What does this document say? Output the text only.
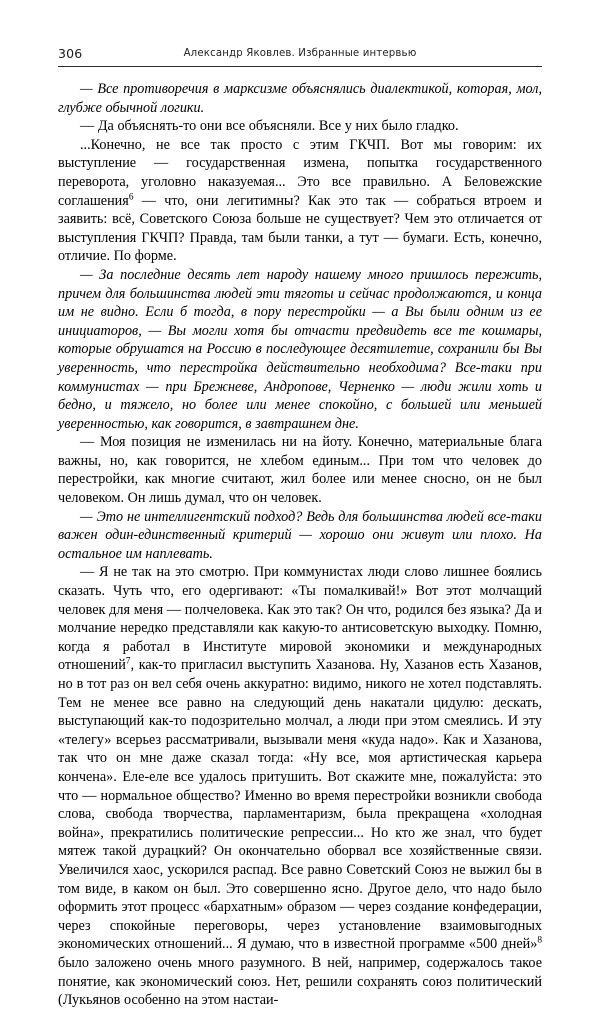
306	Александр Яковлев. Избранные интервью

— Все противоречия в марксизме объяснялись диалектикой, которая, мол, глубже обычной логики.

— Да объяснять-то они все объясняли. Все у них было гладко.

...Конечно, не все так просто с этим ГКЧП. Вот мы говорим: их выступление — государственная измена, попытка государственного переворота, уголовно наказуемая... Это все правильно. А Беловежские соглашения$^6$ — что, они легитимны? Как это так — собраться втроем и заявить: всё, Советского Союза больше не существует? Чем это отличается от выступления ГКЧП? Правда, там были танки, а тут — бумаги. Есть, конечно, отличие. По форме.

— За последние десять лет народу нашему много пришлось пережить, причем для большинства людей эти тяготы и сейчас продолжаются, и конца им не видно. Если б тогда, в пору перестройки — а Вы были одним из ее инициаторов, — Вы могли хотя бы отчасти предвидеть все те кошмары, которые обрушатся на Россию в последующее десятилетие, сохранили бы Вы уверенность, что перестройка действительно необходима? Все-таки при коммунистах — при Брежневе, Андропове, Черненко — люди жили хоть и бедно, и тяжело, но более или менее спокойно, с большей или меньшей уверенностью, как говорится, в завтрашнем дне.

— Моя позиция не изменилась ни на йоту. Конечно, материальные блага важны, но, как говорится, не хлебом единым... При том что человек до перестройки, как многие считают, жил более или менее сносно, он не был человеком. Он лишь думал, что он человек.

— Это не интеллигентский подход? Ведь для большинства людей все-таки важен один-единственный критерий — хорошо они живут или плохо. На остальное им наплевать.

— Я не так на это смотрю. При коммунистах люди слово лишнее боялись сказать. Чуть что, его одергивают: «Ты помалкивай!» Вот этот молчащий человек для меня — полчеловека. Как это так? Он что, родился без языка? Да и молчание нередко представляли как какую-то антисоветскую выходку. Помню, когда я работал в Институте мировой экономики и международных отношений$^7$, как-то пригласил выступить Хазанова. Ну, Хазанов есть Хазанов, но в тот раз он вел себя очень аккуратно: видимо, никого не хотел подставлять. Тем не менее все равно на следующий день накатали цидулю: дескать, выступающий как-то подозрительно молчал, а люди при этом смеялись. И эту «телегу» всерьез рассматривали, вызывали меня «куда надо». Как и Хазанова, так что он мне даже сказал тогда: «Ну все, моя артистическая карьера кончена». Еле-еле все удалось притушить. Вот скажите мне, пожалуйста: это что — нормальное общество? Именно во время перестройки возникли свобода слова, свобода творчества, парламентаризм, была прекращена «холодная война», прекратились политические репрессии... Но кто же знал, что будет мятеж такой дурацкий? Он окончательно оборвал все хозяйственные связи. Увеличился хаос, ускорился распад. Все равно Советский Союз не выжил бы в том виде, в каком он был. Это совершенно ясно. Другое дело, что надо было оформить этот процесс «бархатным» образом — через создание конфедерации, через спокойные переговоры, через установление взаимовыгодных экономических отношений... Я думаю, что в известной программе «500 дней»$^8$ было заложено очень много разумного. В ней, например, содержалось такое понятие, как экономический союз. Нет, решили сохранять союз политический (Лукьянов особенно на этом настаи-
